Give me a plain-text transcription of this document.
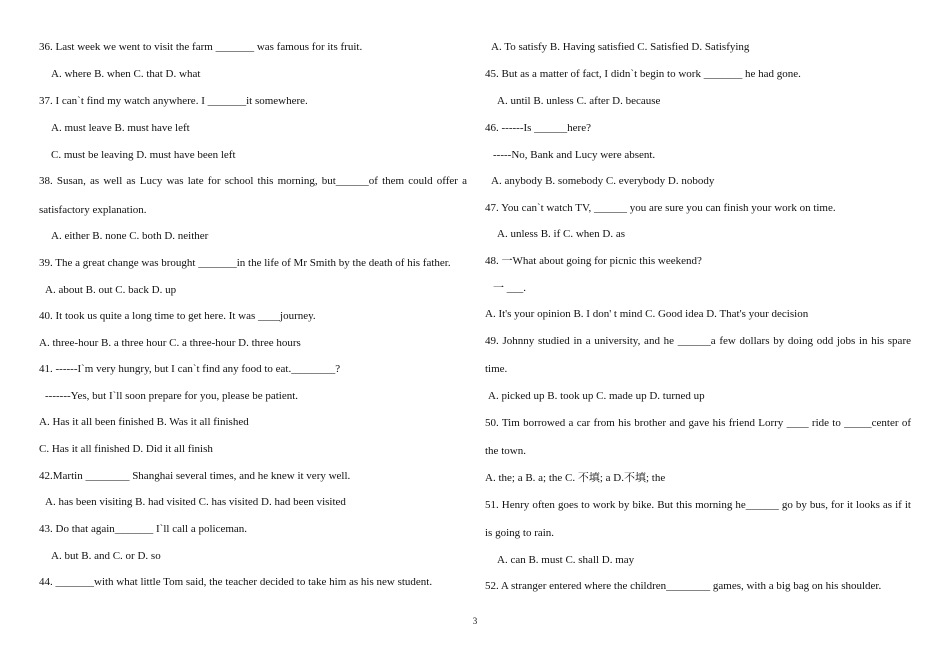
36. Last week we went to visit the farm _______ was famous for its fruit.
A. where B. when C. that D. what
37. I can`t find my watch anywhere. I _______it somewhere.
A. must leave B. must have left
C. must be leaving D. must have been left
38. Susan, as well as Lucy was late for school this morning, but______of them could offer a
satisfactory explanation.
A. either B. none C. both D. neither
39. The a great change was brought _______in the life of Mr Smith by the death of his father.
A. about B. out C. back D. up
40. It took us quite a long time to get here. It was ____journey.
A. three-hour B. a three hour C. a three-hour D. three hours
41. ------I`m very hungry, but I can`t find any food to eat.________?
-------Yes, but I`ll soon prepare for you, please be patient.
A. Has it all been finished B. Was it all finished
C. Has it all finished D. Did it all finish
42.Martin ________ Shanghai several times, and he knew it very well.
A. has been visiting B. had visited C. has visited D. had been visited
43. Do that again_______ I`ll call a policeman.
A. but B. and C. or D. so
44. _______with what little Tom said, the teacher decided to take him as his new student.
A. To satisfy B. Having satisfied C. Satisfied D. Satisfying
45. But as a matter of fact, I didn`t begin to work _______ he had gone.
A. until B. unless C. after D. because
46. ------Is ______here?
-----No, Bank and Lucy were absent.
A. anybody B. somebody C. everybody D. nobody
47. You can`t watch TV, ______ you are sure you can finish your work on time.
A. unless B. if C. when D. as
48. 一What about going for picnic this weekend?
一 ___.
A. It's your opinion B. I don' t mind C. Good idea D. That's your decision
49. Johnny studied in a university, and he ______a few dollars by doing odd jobs in his spare
time.
A. picked up B. took up C. made up D. turned up
50. Tim borrowed a car from his brother and gave his friend Lorry ____ ride to _____center of
the town.
A. the; a B. a; the C. 不填; a D.不填; the
51. Henry often goes to work by bike. But this morning he______ go by bus, for it looks as if it
is going to rain.
A. can B. must C. shall D. may
52. A stranger entered where the children________ games, with a big bag on his shoulder.
3
